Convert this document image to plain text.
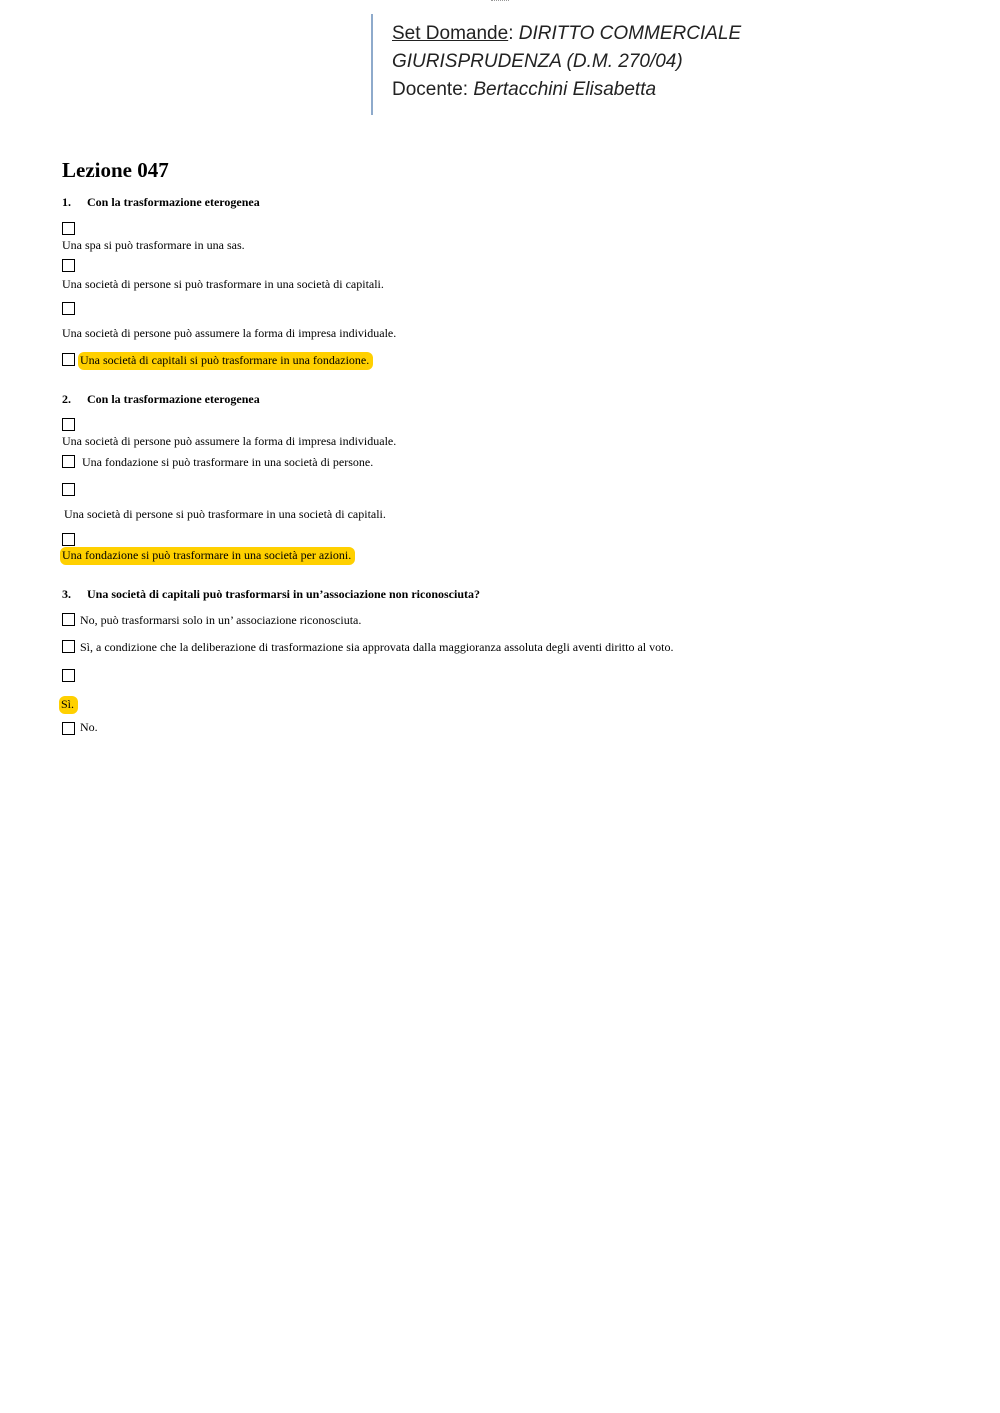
Set Domande: DIRITTO COMMERCIALE
GIURISPRUDENZA (D.M. 270/04)
Docente: Bertacchini Elisabetta
Lezione 047
1. Con la trasformazione eterogenea
Una spa si può trasformare in una sas.
Una società di persone si può trasformare in una società di capitali.
Una società di persone può assumere la forma di impresa individuale.
Una società di capitali si può trasformare in una fondazione.
2. Con la trasformazione eterogenea
Una società di persone può assumere la forma di impresa individuale.
Una fondazione si può trasformare in una società di persone.
Una società di persone si può trasformare in una società di capitali.
Una fondazione si può trasformare in una società per azioni.
3. Una società di capitali può trasformarsi in un’associazione non riconosciuta?
No, può trasformarsi solo in un’ associazione riconosciuta.
Sì, a condizione che la deliberazione di trasformazione sia approvata dalla maggioranza assoluta degli aventi diritto al voto.
Sì.
No.
